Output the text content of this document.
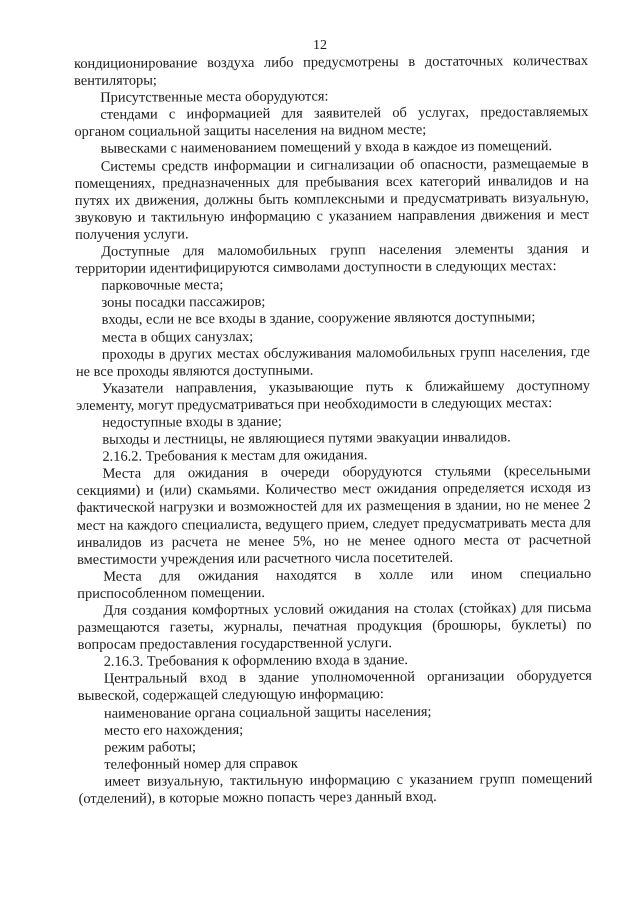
12

кондиционирование воздуха либо предусмотрены в достаточных количествах вентиляторы;

Присутственные места оборудуются:

стендами с информацией для заявителей об услугах, предоставляемых органом социальной защиты населения на видном месте;

вывесками с наименованием помещений у входа в каждое из помещений.

Системы средств информации и сигнализации об опасности, размещаемые в помещениях, предназначенных для пребывания всех категорий инвалидов и на путях их движения, должны быть комплексными и предусматривать визуальную, звуковую и тактильную информацию с указанием направления движения и мест получения услуги.

Доступные для маломобильных групп населения элементы здания и территории идентифицируются символами доступности в следующих местах:

парковочные места;

зоны посадки пассажиров;

входы, если не все входы в здание, сооружение являются доступными;

места в общих санузлах;

проходы в других местах обслуживания маломобильных групп населения, где не все проходы являются доступными.

Указатели направления, указывающие путь к ближайшему доступному элементу, могут предусматриваться при необходимости в следующих местах:

недоступные входы в здание;

выходы и лестницы, не являющиеся путями эвакуации инвалидов.

2.16.2. Требования к местам для ожидания.

Места для ожидания в очереди оборудуются стульями (кресельными секциями) и (или) скамьями. Количество мест ожидания определяется исходя из фактической нагрузки и возможностей для их размещения в здании, но не менее 2 мест на каждого специалиста, ведущего прием, следует предусматривать места для инвалидов из расчета не менее 5%, но не менее одного места от расчетной вместимости учреждения или расчетного числа посетителей.

Места для ожидания находятся в холле или ином специально приспособленном помещении.

Для создания комфортных условий ожидания на столах (стойках) для письма размещаются газеты, журналы, печатная продукция (брошюры, буклеты) по вопросам предоставления государственной услуги.

2.16.3. Требования к оформлению входа в здание.

Центральный вход в здание уполномоченной организации оборудуется вывеской, содержащей следующую информацию:

наименование органа социальной защиты населения;

место его нахождения;

режим работы;

телефонный номер для справок

имеет визуальную, тактильную информацию с указанием групп помещений (отделений), в которые можно попасть через данный вход.
